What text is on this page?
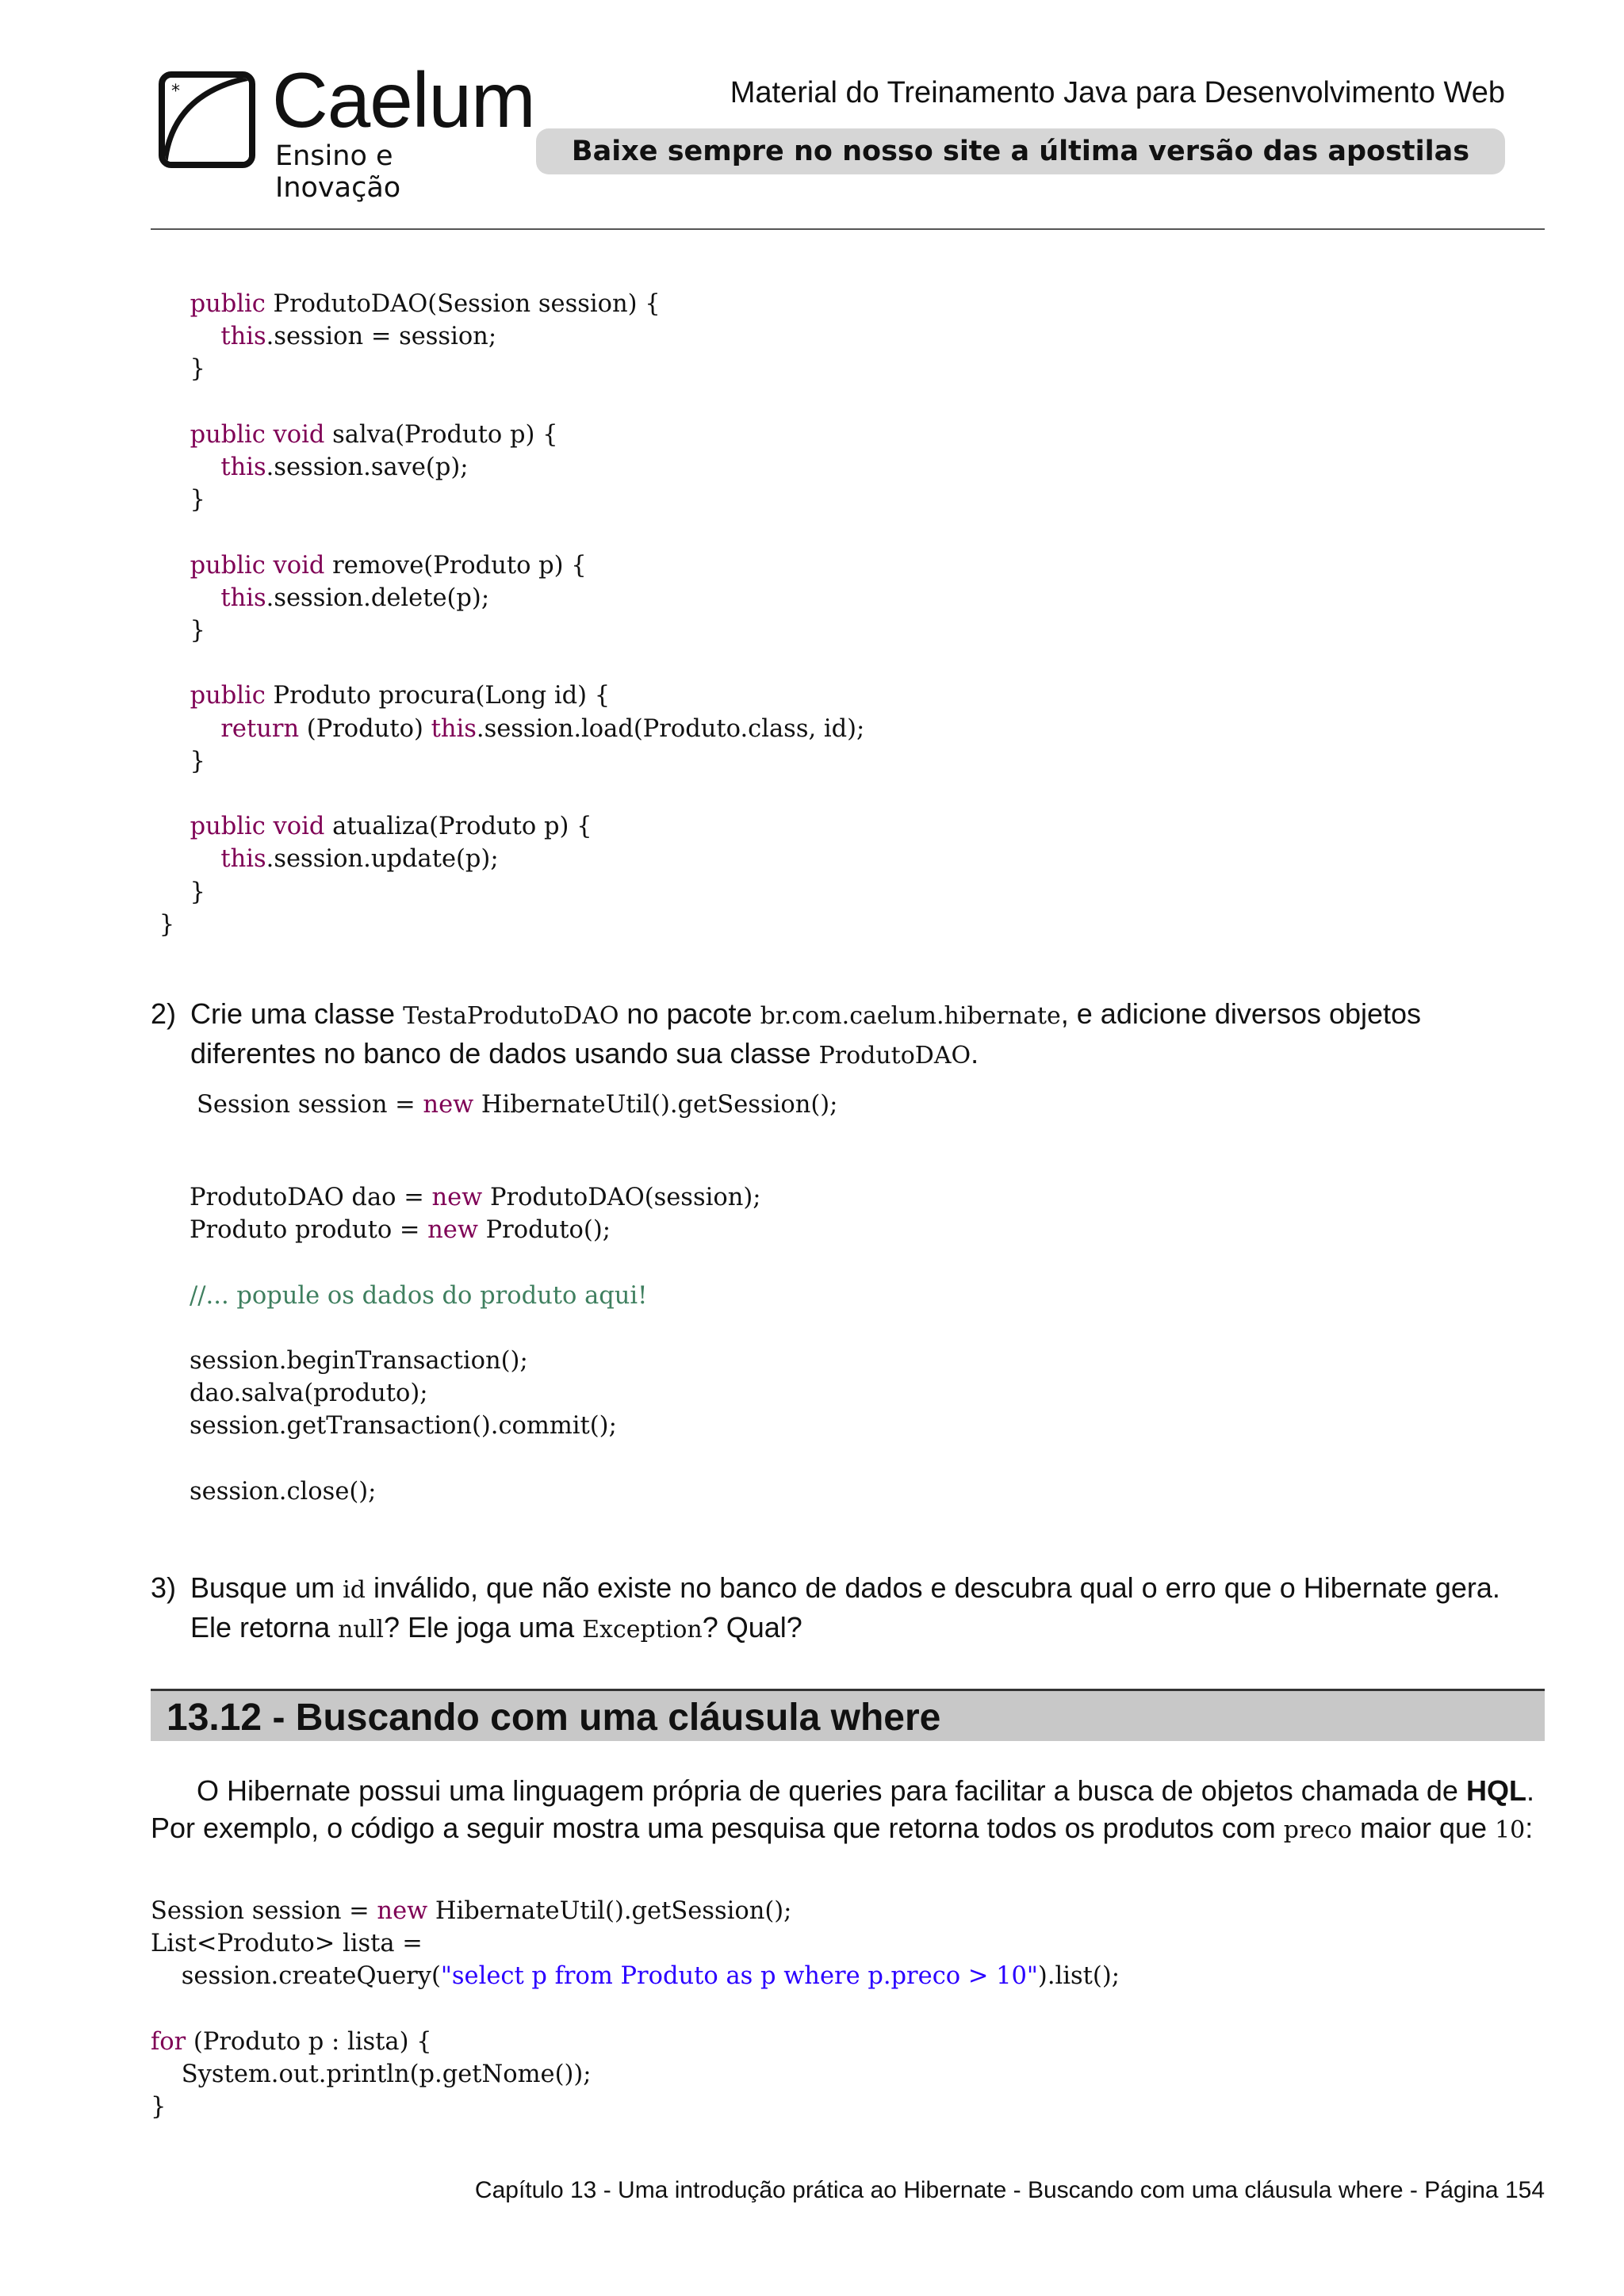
* Caelum
Ensino e Inovação
Material do Treinamento Java para Desenvolvimento Web
Baixe sempre no nosso site a última versão das apostilas
public ProdutoDAO(Session session) {
this.session = session;
}
public void salva(Produto p) {
this.session.save(p);
}
public void remove(Produto p) {
this.session.delete(p);
}
public Produto procura(Long id) {
return (Produto) this.session.load(Produto.class, id);
}
public void atualiza(Produto p) {
this.session.update(p);
}
}
2) Crie uma classe TestaProdutoDAO no pacote br.com.caelum.hibernate, e adicione diversos objetos diferentes no banco de dados usando sua classe ProdutoDAO.
Session session = new HibernateUtil().getSession();
ProdutoDAO dao = new ProdutoDAO(session);
Produto produto = new Produto();
//... popule os dados do produto aqui!
session.beginTransaction();
dao.salva(produto);
session.getTransaction().commit();
session.close();
3) Busque um id inválido, que não existe no banco de dados e descubra qual o erro que o Hibernate gera. Ele retorna null? Ele joga uma Exception? Qual?
13.12 - Buscando com uma cláusula where

O Hibernate possui uma linguagem própria de queries para facilitar a busca de objetos chamada de HQL. Por exemplo, o código a seguir mostra uma pesquisa que retorna todos os produtos com preco maior que 10:

Session session = new HibernateUtil().getSession();
List<Produto> lista =
session.createQuery("select p from Produto as p where p.preco > 10").list();
for (Produto p : lista) {
System.out.println(p.getNome());
}
Capítulo 13 - Uma introdução prática ao Hibernate - Buscando com uma cláusula where - Página 154
